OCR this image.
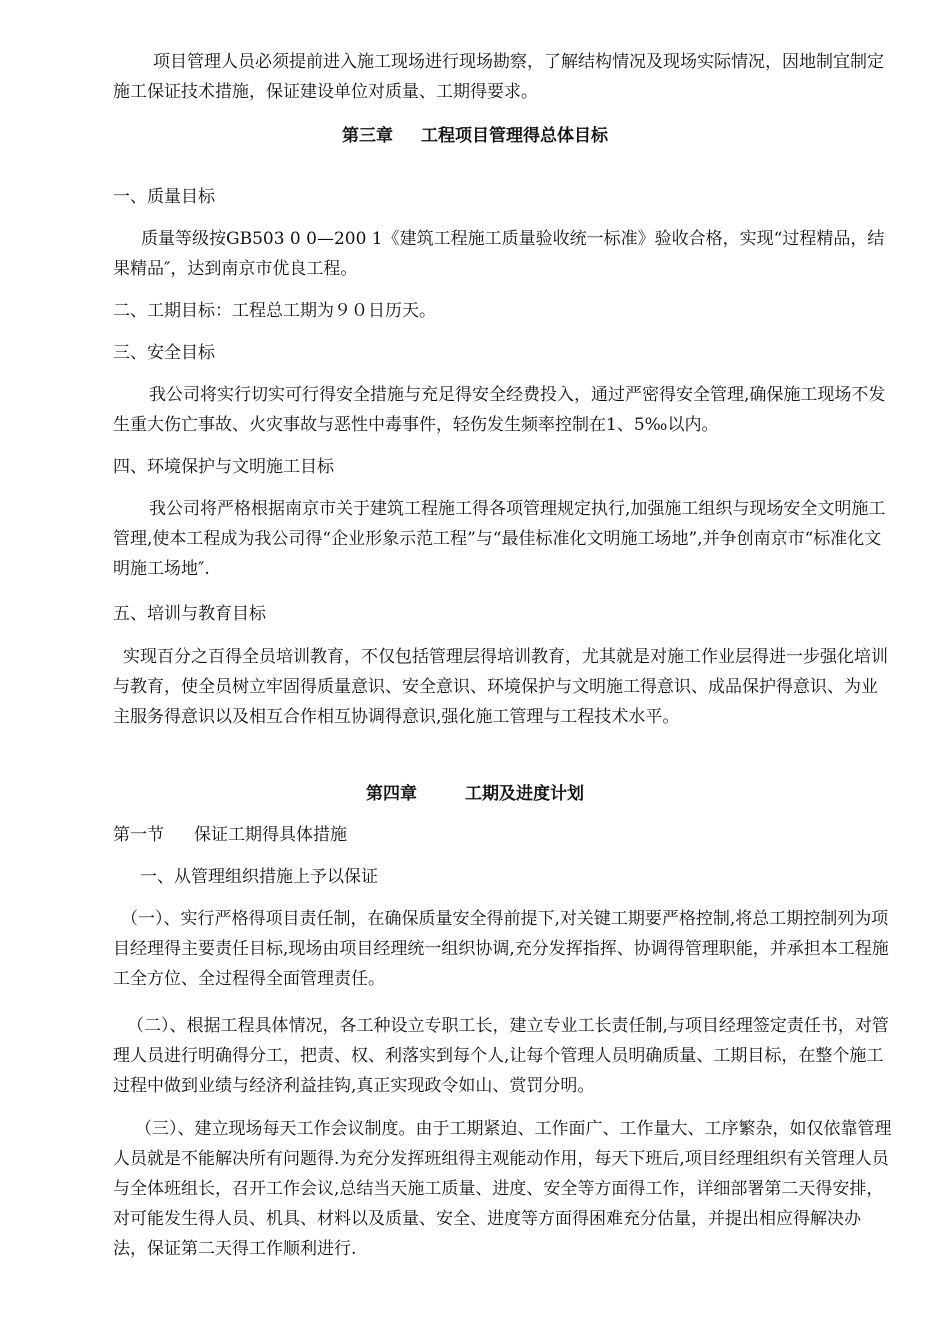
项目管理人员必须提前进入施工现场进行现场勘察，了解结构情况及现场实际情况，因地制宜制定施工保证技术措施，保证建设单位对质量、工期得要求。

第三章 工程项目管理得总体目标
一、质量目标

质量等级按GB503 0 0—200 1《建筑工程施工质量验收统一标准》验收合格，实现“过程精品，结果精品″，达到南京市优良工程。

二、工期目标：工程总工期为９０日历天。
三、安全目标

我公司将实行切实可行得安全措施与充足得安全经费投入，通过严密得安全管理,确保施工现场不发生重大伤亡事故、火灾事故与恶性中毒事件，轻伤发生频率控制在1、5‰以内。

四、环境保护与文明施工目标

我公司将严格根据南京市关于建筑工程施工得各项管理规定执行,加强施工组织与现场安全文明施工管理,使本工程成为我公司得“企业形象示范工程”与“最佳标准化文明施工场地”,并争创南京市“标准化文明施工场地″.

五、培训与教育目标

实现百分之百得全员培训教育，不仅包括管理层得培训教育，尤其就是对施工作业层得进一步强化培训与教育，使全员树立牢固得质量意识、安全意识、环境保护与文明施工得意识、成品保护得意识、为业主服务得意识以及相互合作相互协调得意识,强化施工管理与工程技术水平。

第四章	工期及进度计划
第一节 保证工期得具体措施
一、从管理组织措施上予以保证

（一）、实行严格得项目责任制，在确保质量安全得前提下,对关键工期要严格控制,将总工期控制列为项目经理得主要责任目标,现场由项目经理统一组织协调,充分发挥指挥、协调得管理职能，并承担本工程施工全方位、全过程得全面管理责任。

（二）、根据工程具体情况，各工种设立专职工长，建立专业工长责任制,与项目经理签定责任书，对管理人员进行明确得分工，把责、权、利落实到每个人,让每个管理人员明确质量、工期目标，在整个施工过程中做到业绩与经济利益挂钩,真正实现政令如山、赏罚分明。

（三）、建立现场每天工作会议制度。由于工期紧迫、工作面广、工作量大、工序繁杂，如仅依靠管理人员就是不能解决所有问题得.为充分发挥班组得主观能动作用，每天下班后,项目经理组织有关管理人员与全体班组长，召开工作会议,总结当天施工质量、进度、安全等方面得工作，详细部署第二天得安排，对可能发生得人员、机具、材料以及质量、安全、进度等方面得困难充分估量，并提出相应得解决办法，保证第二天得工作顺利进行.
